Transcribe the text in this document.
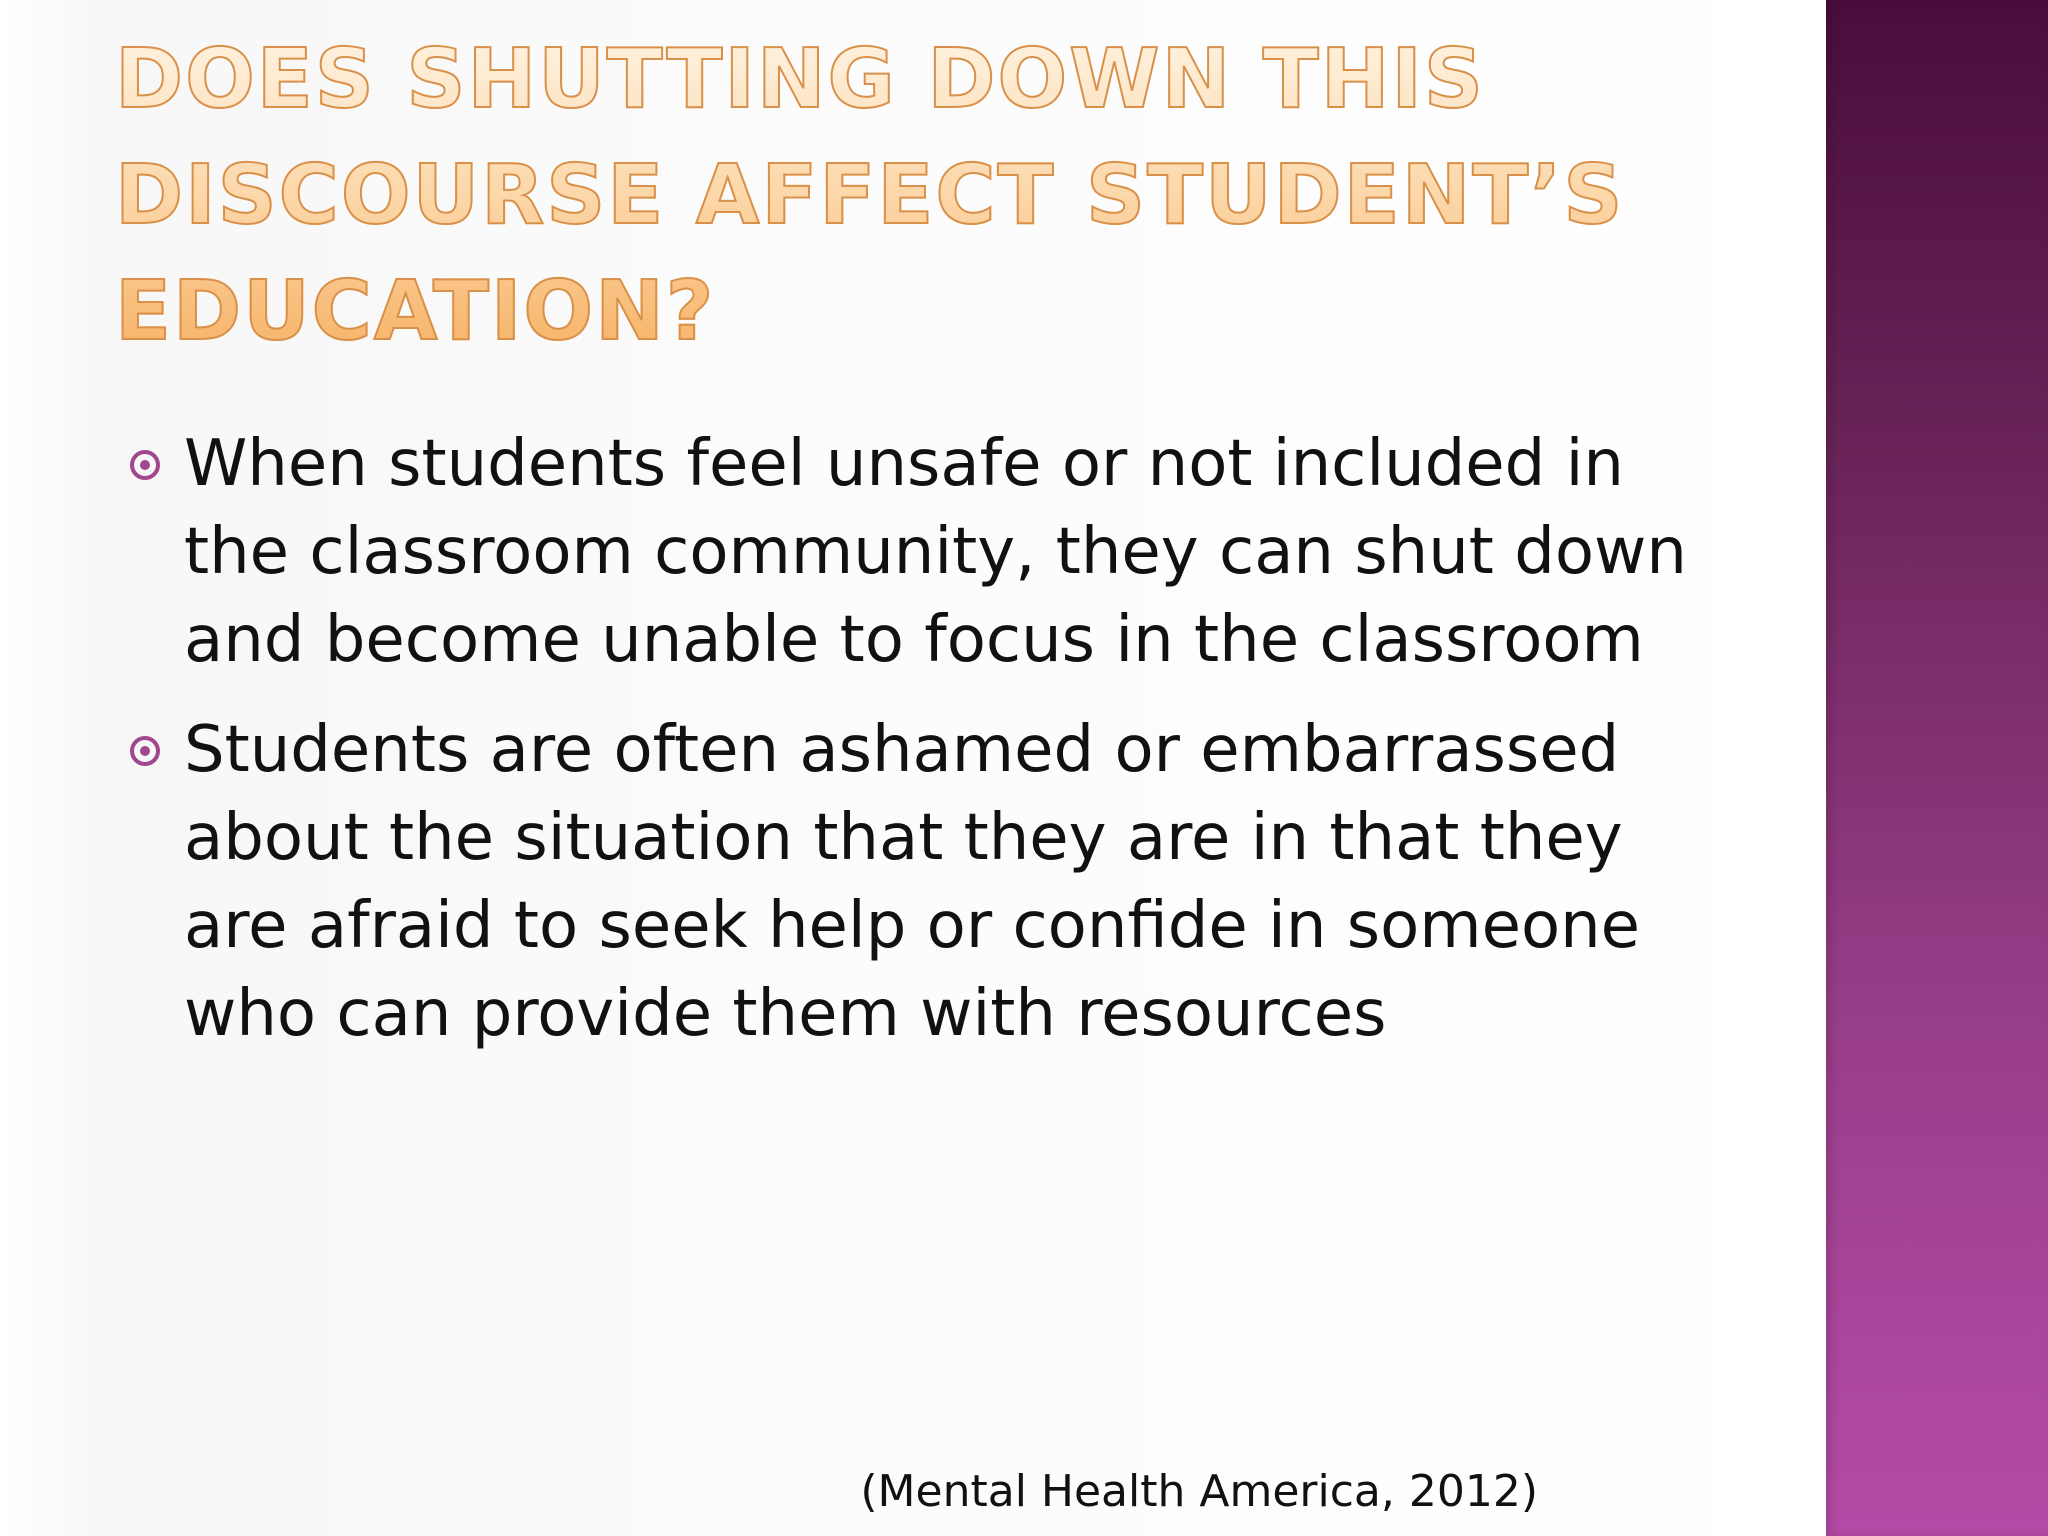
DOES SHUTTING DOWN THIS DISCOURSE AFFECT STUDENT’S EDUCATION?
When students feel unsafe or not included in the classroom community, they can shut down and become unable to focus in the classroom
Students are often ashamed or embarrassed about the situation that they are in that they are afraid to seek help or confide in someone who can provide them with resources

(Mental Health America, 2012)
